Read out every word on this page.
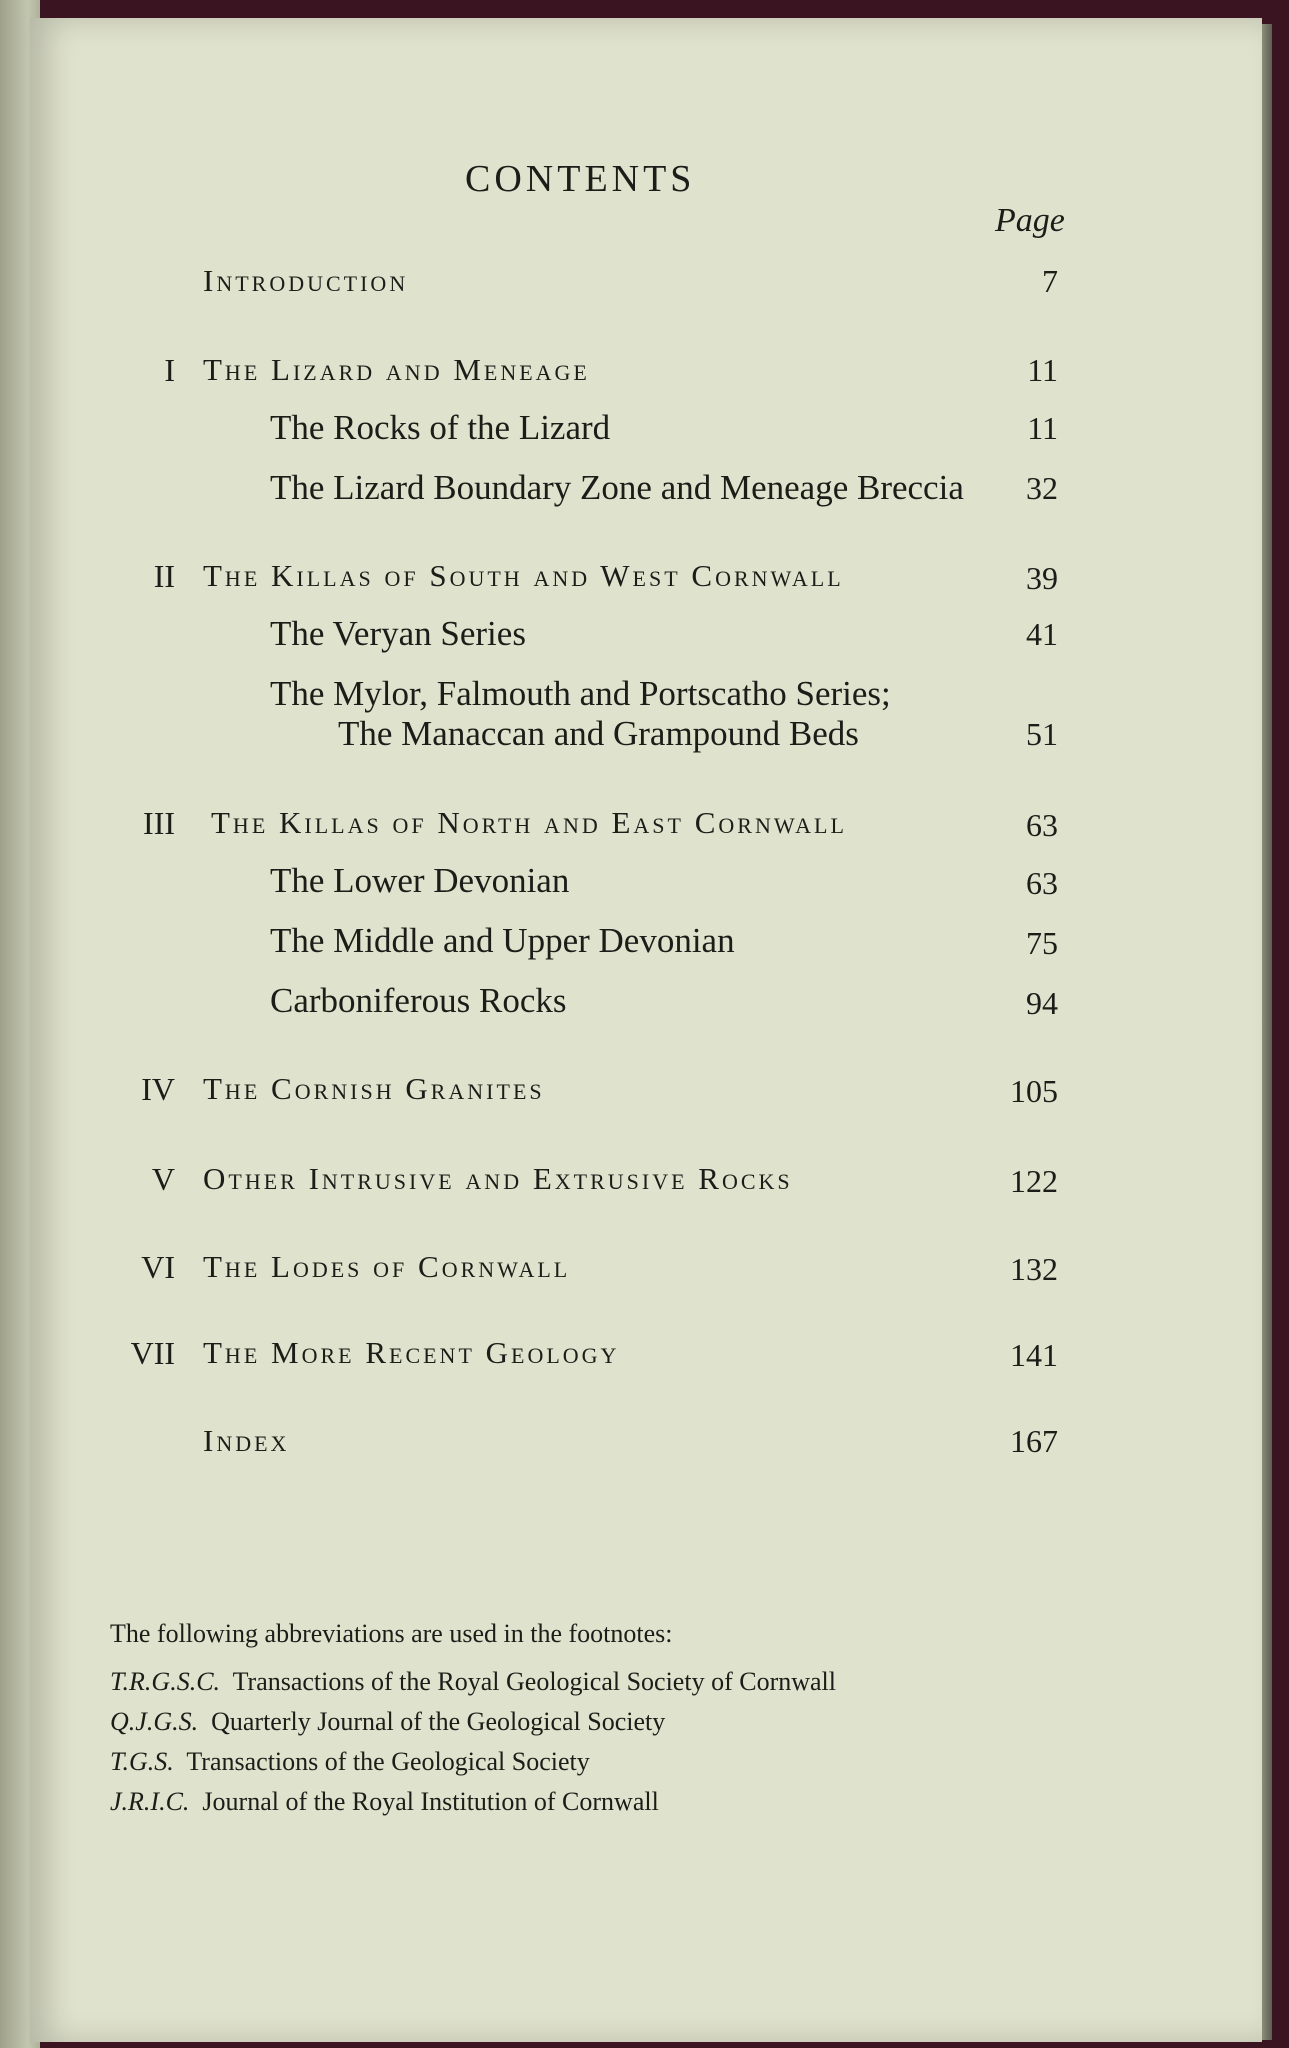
CONTENTS
Page
Introduction	7
I The Lizard and Meneage	11
The Rocks of the Lizard	11
The Lizard Boundary Zone and Meneage Breccia 32
II The Killas of South and West Cornwall	39
The Veryan Series	41
The Mylor, Falmouth and Portscatho Series;
The Manaccan and Grampound Beds	51
III The Killas of North and East Cornwall	63
The Lower Devonian	63
The Middle and Upper Devonian	75
Carboniferous Rocks	94
IV The Cornish Granites	105
V Other Intrusive and Extrusive Rocks	122
VI The Lodes of Cornwall	132
VII The More Recent Geology	141
Index	167
The following abbreviations are used in the footnotes:
T.R.G.S.C. Transactions of the Royal Geological Society of Cornwall
Q.J.G.S. Quarterly Journal of the Geological Society
T.G.S. Transactions of the Geological Society
J.R.I.C. Journal of the Royal Institution of Cornwall
